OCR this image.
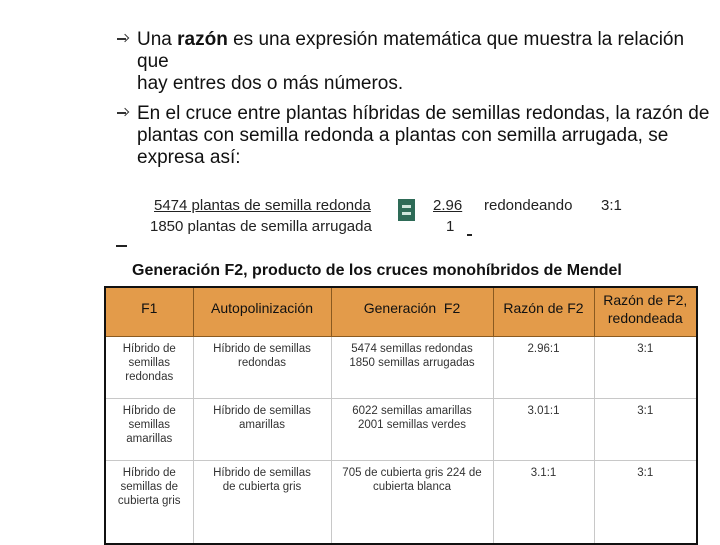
Una razón es una expresión matemática que muestra la relación que
hay entres dos o más números.
En el cruce entre plantas híbridas de semillas redondas, la razón de
plantas con semilla redonda a plantas con semilla arrugada, se
expresa así:
5474 plantas de semilla redonda
1850 plantas de semilla arrugada
2.96
1
redondeando 3:1
Generación F2, producto de los cruces monohíbridos de Mendel
F1	Autopolinización	Generación  F2	Razón de F2	Razón de F2, redondeada
Híbrido de semillas redondas	Híbrido de semillas redondas	5474 semillas redondas 1850 semillas arrugadas	2.96:1	3:1
Híbrido de semillas amarillas	Híbrido de semillas amarillas	6022 semillas amarillas 2001 semillas verdes	3.01:1	3:1
Híbrido de semillas de cubierta gris	Híbrido de semillas de cubierta gris	705 de cubierta gris 224 de cubierta blanca	3.1:1	3:1
